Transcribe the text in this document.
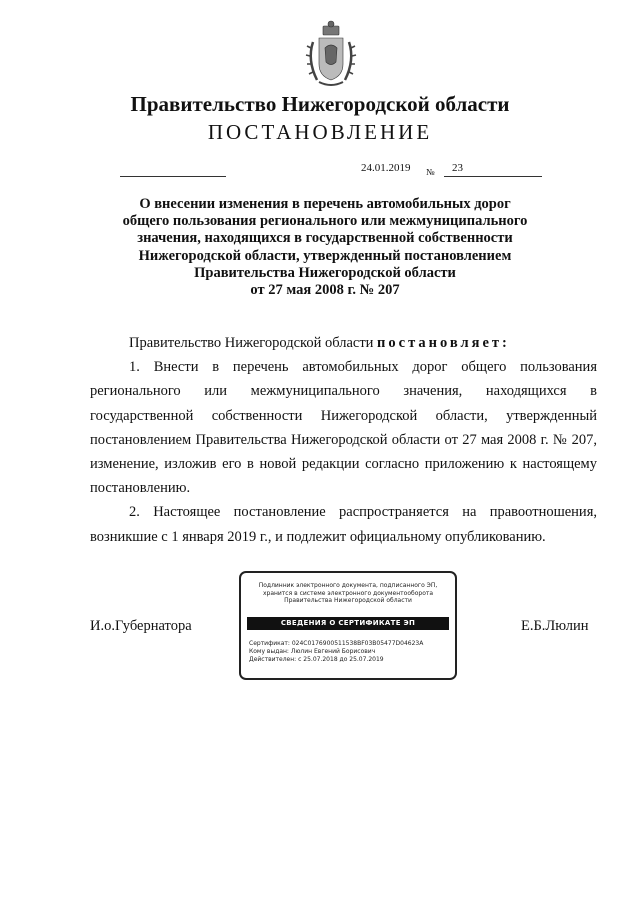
Правительство Нижегородской области
ПОСТАНОВЛЕНИЕ
24.01.2019 № 23
О внесении изменения в перечень автомобильных дорог
общего пользования регионального или межмуниципального
значения, находящихся в государственной собственности
Нижегородской области, утвержденный постановлением
Правительства Нижегородской области
от 27 мая 2008 г. № 207

Правительство Нижегородской области постановляет:

1. Внести в перечень автомобильных дорог общего пользования регионального или межмуниципального значения, находящихся в государственной собственности Нижегородской области, утвержденный постановлением Правительства Нижегородской области от 27 мая 2008 г. № 207, изменение, изложив его в новой редакции согласно приложению к настоящему постановлению.

2. Настоящее постановление распространяется на правоотношения, возникшие с 1 января 2019 г., и подлежит официальному опубликованию.

И.о.Губернатора	Е.Б.Люлин
Подлинник электронного документа, подписанного ЭП,
хранится в системе электронного документооборота
Правительства Нижегородской области
СВЕДЕНИЯ О СЕРТИФИКАТЕ ЭП
Сертификат: 024C0176900511538BF03B05477D04623A
Кому выдан: Люлин Евгений Борисович
Действителен: с 25.07.2018 до 25.07.2019
